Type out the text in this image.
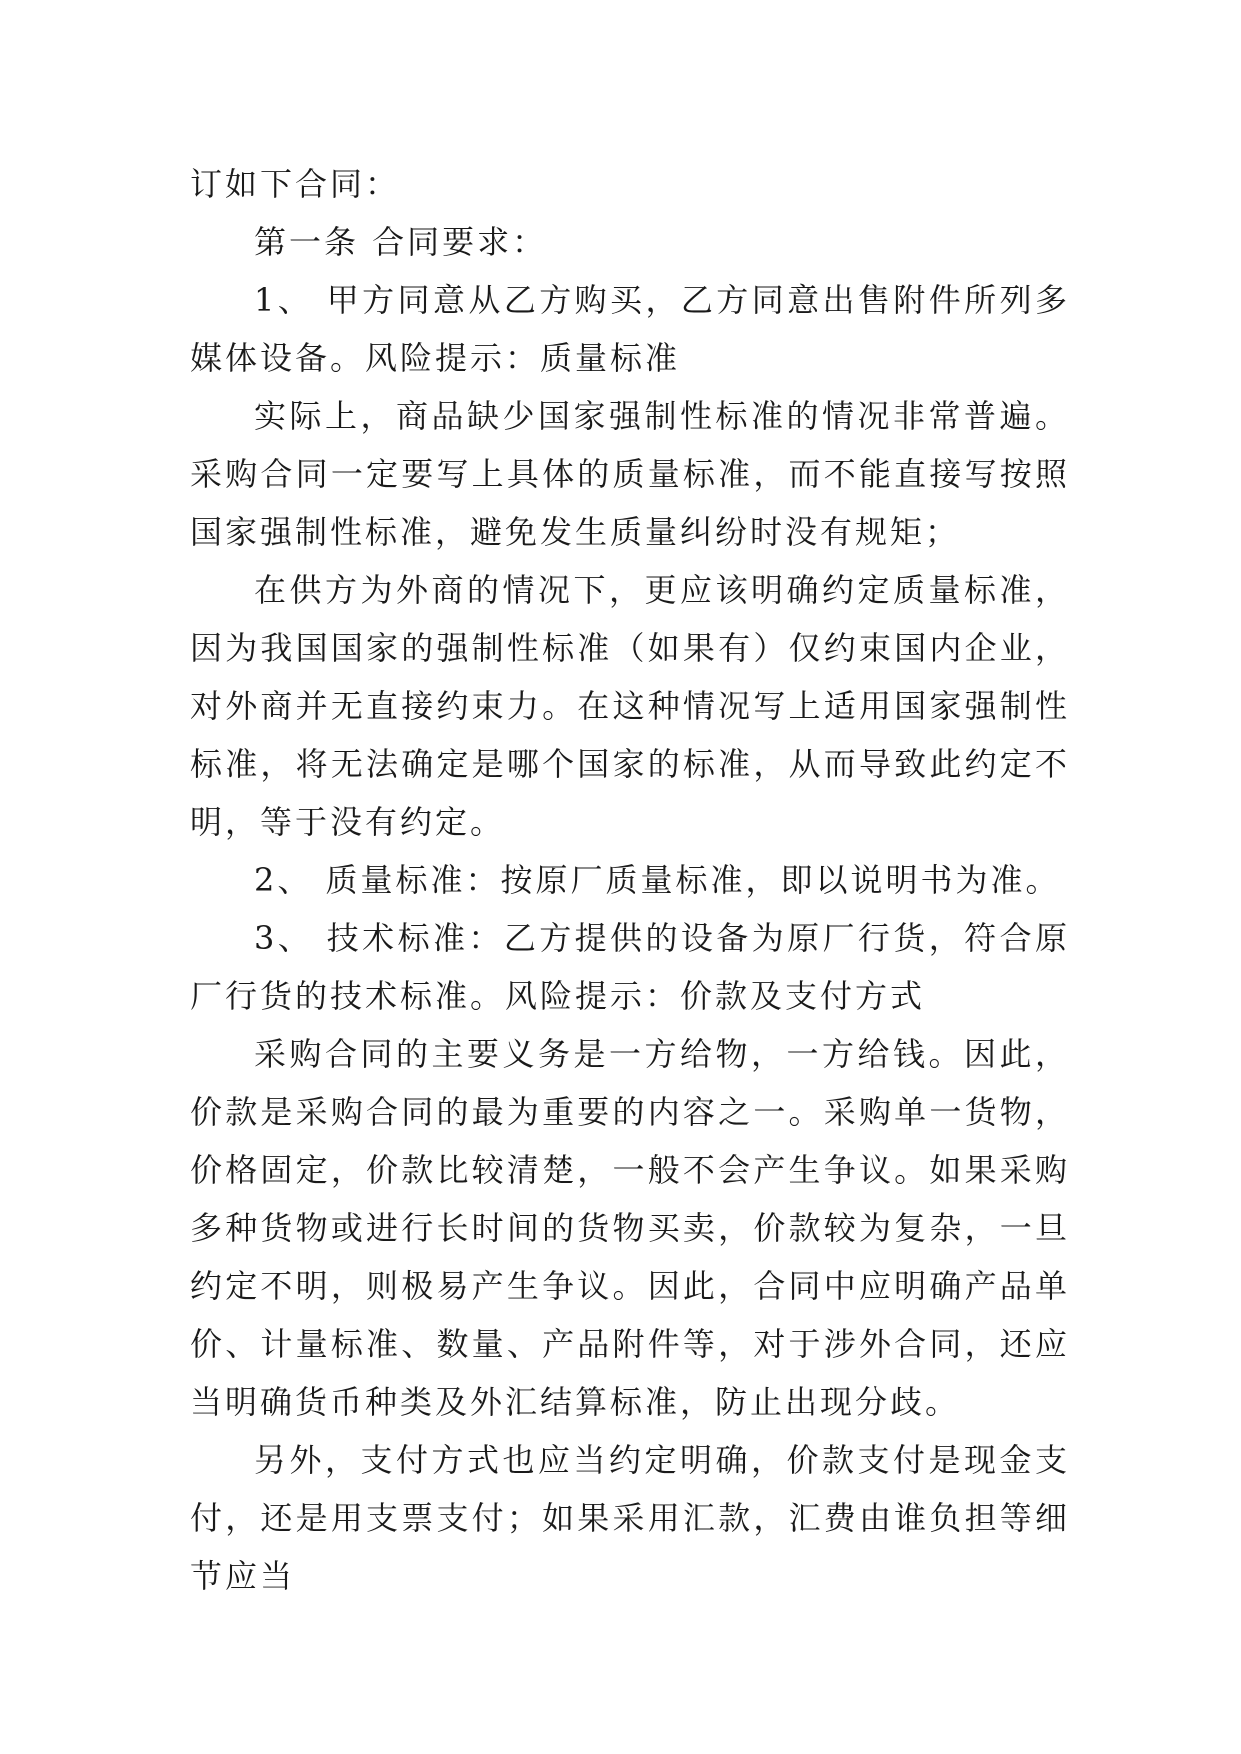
订如下合同：

第一条 合同要求：

1、 甲方同意从乙方购买，乙方同意出售附件所列多媒体设备。风险提示：质量标准

实际上，商品缺少国家强制性标准的情况非常普遍。采购合同一定要写上具体的质量标准，而不能直接写按照国家强制性标准，避免发生质量纠纷时没有规矩；

在供方为外商的情况下，更应该明确约定质量标准，因为我国国家的强制性标准（如果有）仅约束国内企业，对外商并无直接约束力。在这种情况写上适用国家强制性标准，将无法确定是哪个国家的标准，从而导致此约定不明，等于没有约定。

2、 质量标准：按原厂质量标准，即以说明书为准。

3、 技术标准：乙方提供的设备为原厂行货，符合原厂行货的技术标准。风险提示：价款及支付方式

采购合同的主要义务是一方给物，一方给钱。因此，价款是采购合同的最为重要的内容之一。采购单一货物，价格固定，价款比较清楚，一般不会产生争议。如果采购多种货物或进行长时间的货物买卖，价款较为复杂，一旦约定不明，则极易产生争议。因此，合同中应明确产品单价、计量标准、数量、产品附件等，对于涉外合同，还应当明确货币种类及外汇结算标准，防止出现分歧。

另外，支付方式也应当约定明确，价款支付是现金支付，还是用支票支付；如果采用汇款，汇费由谁负担等细节应当
